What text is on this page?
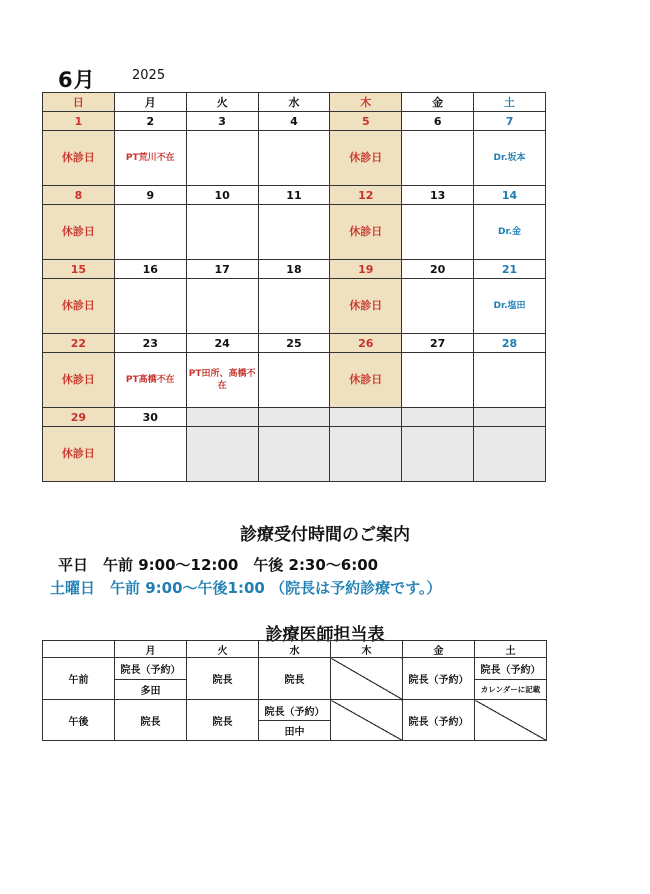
6月	2025
日	月	火	水	木	金	土
1	2	3	4	5	6	7
休診日	PT荒川不在			休診日		Dr.坂本
8	9	10	11	12	13	14
休診日				休診日		Dr.金
15	16	17	18	19	20	21
休診日				休診日		Dr.塩田
22	23	24	25	26	27	28
休診日	PT高橋不在	PT田所、高橋不在		休診日		
29	30					
休診日						
診療受付時間のご案内
平日　午前 9:00～12:00　午後 2:30～6:00
土曜日　午前 9:00～午後1:00 （院長は予約診療です。）
診療医師担当表
	月	火	水	木	金	土
午前	院長（予約）	院長	院長		院長（予約）	院長（予約）
	多田					カレンダーに記載
午後	院長	院長	院長（予約）		院長（予約）	
			田中			
